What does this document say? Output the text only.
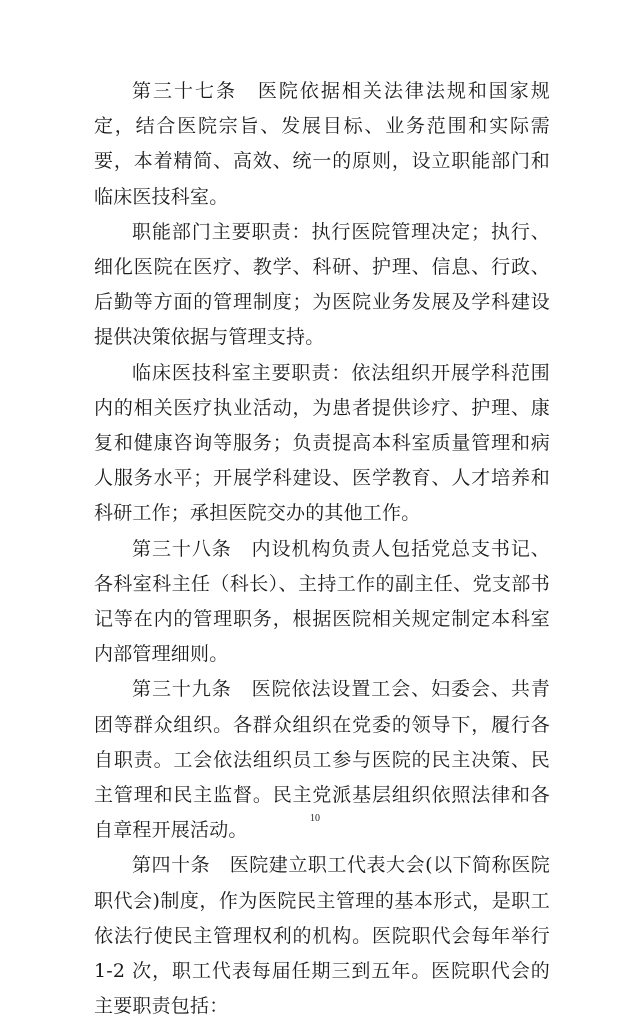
第三十七条　医院依据相关法律法规和国家规定，结合医院宗旨、发展目标、业务范围和实际需要，本着精简、高效、统一的原则，设立职能部门和临床医技科室。

职能部门主要职责：执行医院管理决定；执行、细化医院在医疗、教学、科研、护理、信息、行政、后勤等方面的管理制度；为医院业务发展及学科建设提供决策依据与管理支持。

临床医技科室主要职责：依法组织开展学科范围内的相关医疗执业活动，为患者提供诊疗、护理、康复和健康咨询等服务；负责提高本科室质量管理和病人服务水平；开展学科建设、医学教育、人才培养和科研工作；承担医院交办的其他工作。

第三十八条　内设机构负责人包括党总支书记、各科室科主任（科长）、主持工作的副主任、党支部书记等在内的管理职务，根据医院相关规定制定本科室内部管理细则。

第三十九条　医院依法设置工会、妇委会、共青团等群众组织。各群众组织在党委的领导下，履行各自职责。工会依法组织员工参与医院的民主决策、民主管理和民主监督。民主党派基层组织依照法律和各自章程开展活动。

第四十条　医院建立职工代表大会(以下简称医院职代会)制度，作为医院民主管理的基本形式，是职工依法行使民主管理权利的机构。医院职代会每年举行 1-2 次，职工代表每届任期三到五年。医院职代会的主要职责包括：

10
